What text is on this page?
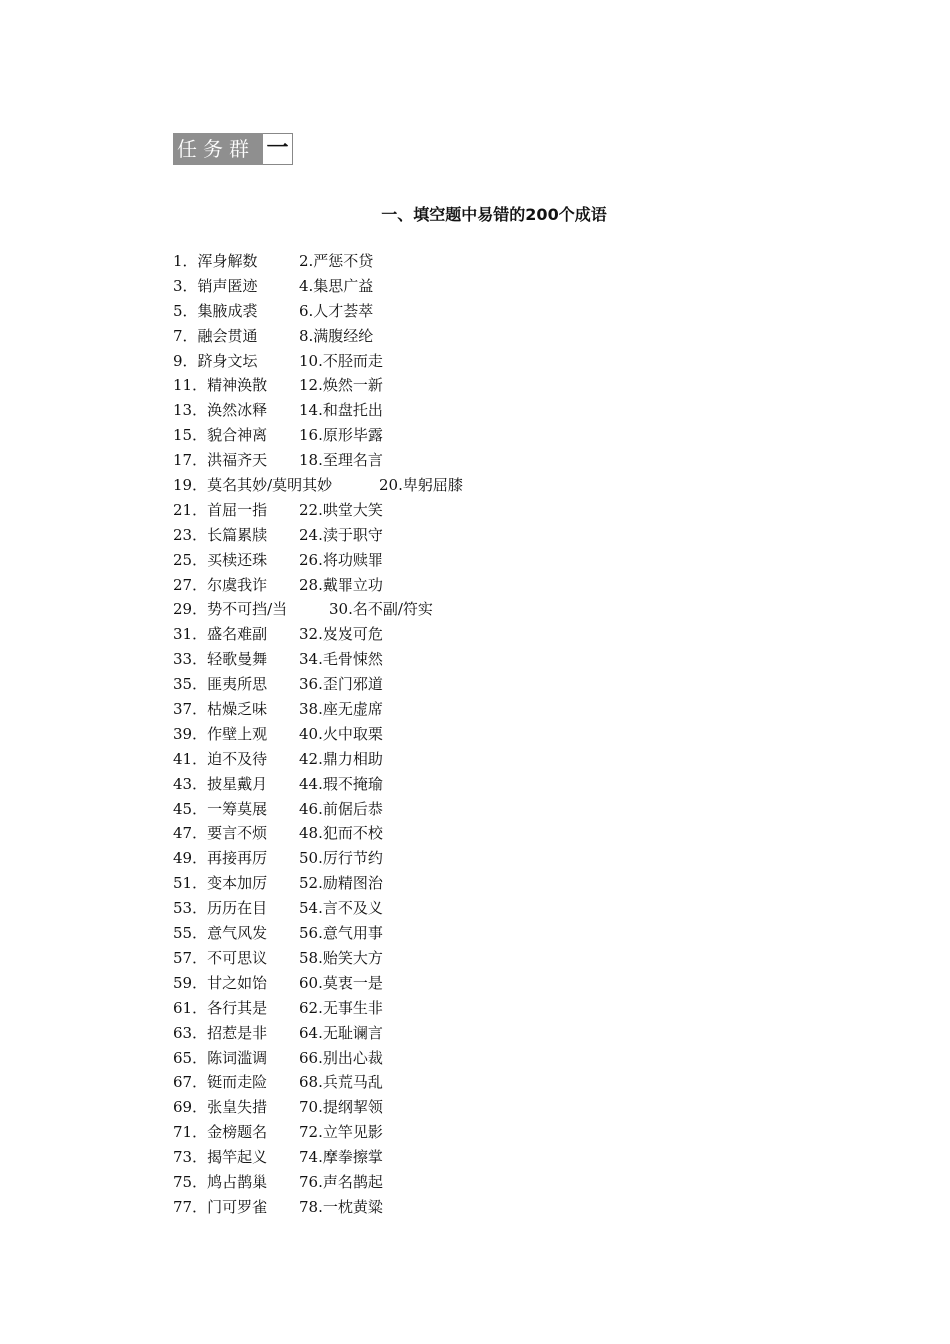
任务群 一
一、填空题中易错的200个成语
1．浑身解数	2.严惩不贷
3．销声匿迹	4.集思广益
5．集腋成裘	6.人才荟萃
7．融会贯通	8.满腹经纶
9．跻身文坛	10.不胫而走
11．精神涣散 12.焕然一新
13．涣然冰释 14.和盘托出
15．貌合神离 16.原形毕露
17．洪福齐天 18.至理名言
19．莫名其妙/莫明其妙	20.卑躬屈膝
21．首屈一指 22.哄堂大笑
23．长篇累牍 24.渎于职守
25．买椟还珠 26.将功赎罪
27．尔虞我诈 28.戴罪立功
29．势不可挡/当	30.名不副/符实
31．盛名难副 32.岌岌可危
33．轻歌曼舞 34.毛骨悚然
35．匪夷所思 36.歪门邪道
37．枯燥乏味 38.座无虚席
39．作壁上观 40.火中取栗
41．迫不及待 42.鼎力相助
43．披星戴月 44.瑕不掩瑜
45．一筹莫展 46.前倨后恭
47．要言不烦 48.犯而不校
49．再接再厉 50.厉行节约
51．变本加厉 52.励精图治
53．历历在目 54.言不及义
55．意气风发 56.意气用事
57．不可思议 58.贻笑大方
59．甘之如饴 60.莫衷一是
61．各行其是 62.无事生非
63．招惹是非 64.无耻谰言
65．陈词滥调 66.别出心裁
67．铤而走险 68.兵荒马乱
69．张皇失措 70.提纲挈领
71．金榜题名 72.立竿见影
73．揭竿起义 74.摩拳擦掌
75．鸠占鹊巢 76.声名鹊起
77．门可罗雀 78.一枕黄粱
